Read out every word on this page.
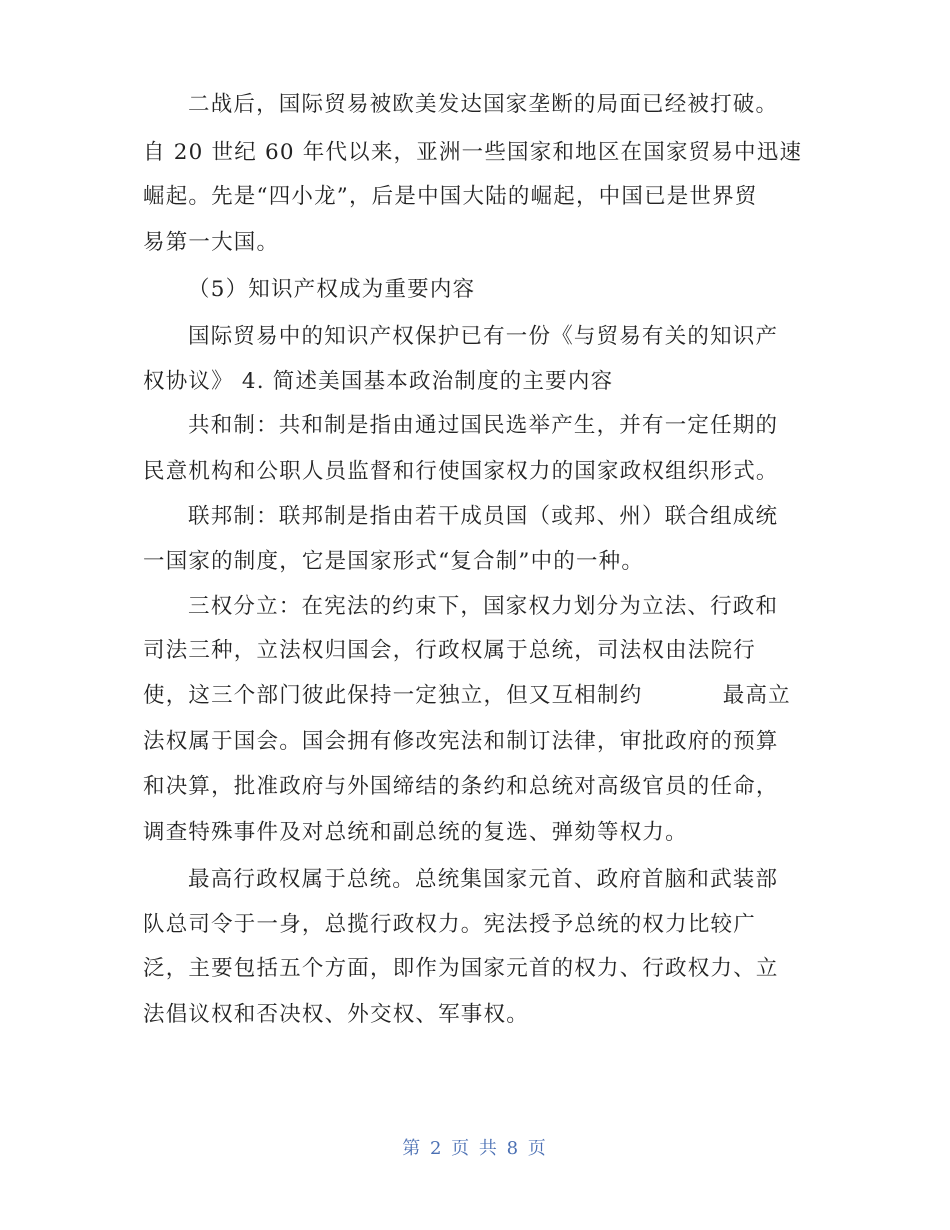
二战后，国际贸易被欧美发达国家垄断的局面已经被打破。
自 20 世纪 60 年代以来，亚洲一些国家和地区在国家贸易中迅速
崛起。先是“四小龙”，后是中国大陆的崛起，中国已是世界贸
易第一大国。
（5）知识产权成为重要内容
国际贸易中的知识产权保护已有一份《与贸易有关的知识产
权协议》 4. 简述美国基本政治制度的主要内容
共和制：共和制是指由通过国民选举产生，并有一定任期的
民意机构和公职人员监督和行使国家权力的国家政权组织形式。
联邦制：联邦制是指由若干成员国（或邦、州）联合组成统
一国家的制度，它是国家形式“复合制”中的一种。
三权分立：在宪法的约束下，国家权力划分为立法、行政和
司法三种，立法权归国会，行政权属于总统，司法权由法院行
使，这三个部门彼此保持一定独立，但又互相制约          最高立
法权属于国会。国会拥有修改宪法和制订法律，审批政府的预算
和决算，批准政府与外国缔结的条约和总统对高级官员的任命，
调查特殊事件及对总统和副总统的复选、弹劾等权力。
最高行政权属于总统。总统集国家元首、政府首脑和武装部
队总司令于一身，总揽行政权力。宪法授予总统的权力比较广
泛，主要包括五个方面，即作为国家元首的权力、行政权力、立
法倡议权和否决权、外交权、军事权。
第 2 页 共 8 页
